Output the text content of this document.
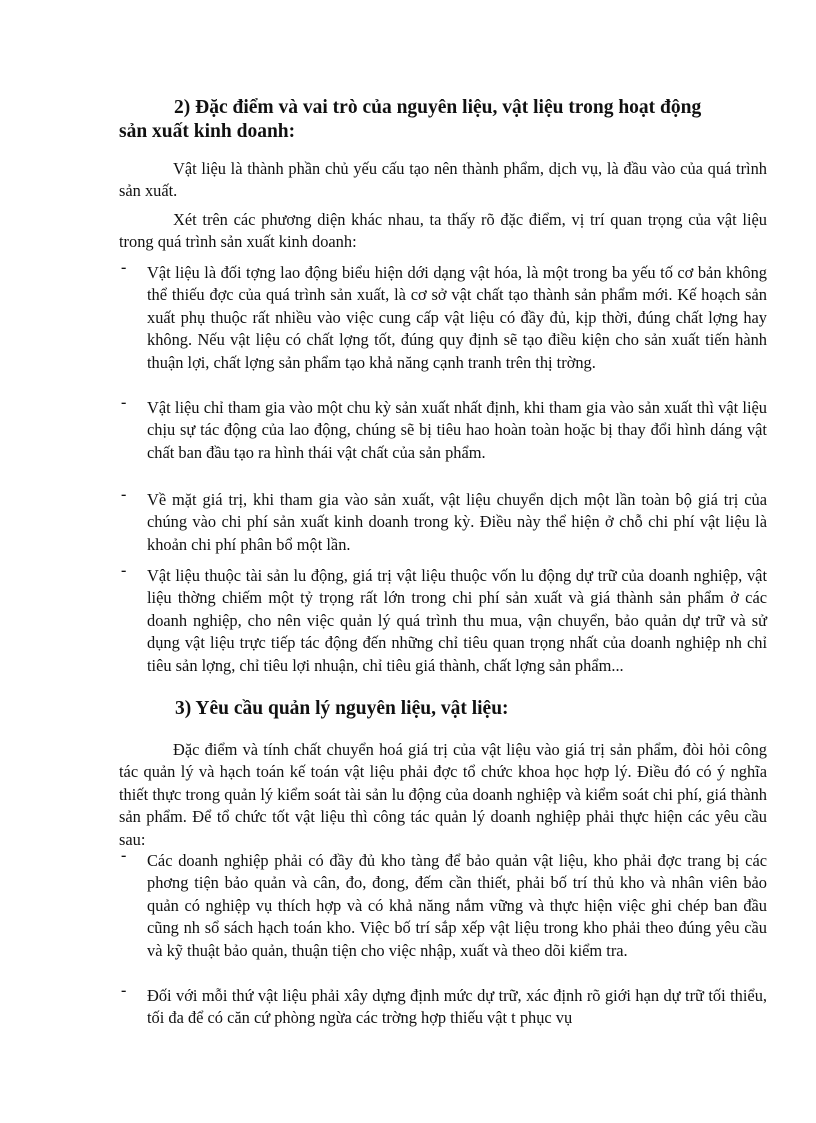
2) Đặc điểm và vai trò của nguyên liệu, vật liệu trong hoạt động
sản xuất kinh doanh:

Vật liệu là thành phần chủ yếu cấu tạo nên thành phẩm, dịch vụ, là đầu vào của quá trình sản xuất.

Xét trên các phương diện khác nhau, ta thấy rõ đặc điểm, vị trí quan trọng của vật liệu trong quá trình sản xuất kinh doanh:

- Vật liệu là đối tợng lao động biểu hiện dới dạng vật hóa, là một trong ba yếu tố cơ bản không thể thiếu đợc của quá trình sản xuất, là cơ sở vật chất tạo thành sản phẩm mới. Kế hoạch sản xuất phụ thuộc rất nhiều vào việc cung cấp vật liệu có đầy đủ, kịp thời, đúng chất lợng hay không. Nếu vật liệu có chất lợng tốt, đúng quy định sẽ tạo điều kiện cho sản xuất tiến hành thuận lợi, chất lợng sản phẩm tạo khả năng cạnh tranh trên thị trờng.

- Vật liệu chỉ tham gia vào một chu kỳ sản xuất nhất định, khi tham gia vào sản xuất thì vật liệu chịu sự tác động của lao động, chúng sẽ bị tiêu hao hoàn toàn hoặc bị thay đổi hình dáng vật chất ban đầu tạo ra hình thái vật chất của sản phẩm.

- Về mặt giá trị, khi tham gia vào sản xuất, vật liệu chuyển dịch một lần toàn bộ giá trị của chúng vào chi phí sản xuất kinh doanh trong kỳ. Điều này thể hiện ở chỗ chi phí vật liệu là khoản chi phí phân bổ một lần.

- Vật liệu thuộc tài sản lu động, giá trị vật liệu thuộc vốn lu động dự trữ của doanh nghiệp, vật liệu thờng chiếm một tỷ trọng rất lớn trong chi phí sản xuất và giá thành sản phẩm ở các doanh nghiệp, cho nên việc quản lý quá trình thu mua, vận chuyển, bảo quản dự trữ và sử dụng vật liệu trực tiếp tác động đến những chỉ tiêu quan trọng nhất của doanh nghiệp nh chỉ tiêu sản lợng, chỉ tiêu lợi nhuận, chỉ tiêu giá thành, chất lợng sản phẩm...

3) Yêu cầu quản lý nguyên liệu, vật liệu:

Đặc điểm và tính chất chuyển hoá giá trị của vật liệu vào giá trị sản phẩm, đòi hỏi công tác quản lý và hạch toán kế toán vật liệu phải đợc tổ chức khoa học hợp lý. Điều đó có ý nghĩa thiết thực trong quản lý kiểm soát tài sản lu động của doanh nghiệp và kiểm soát chi phí, giá thành sản phẩm. Để tổ chức tốt vật liệu thì công tác quản lý doanh nghiệp phải thực hiện các yêu cầu sau:

- Các doanh nghiệp phải có đầy đủ kho tàng để bảo quản vật liệu, kho phải đợc trang bị các phơng tiện bảo quản và cân, đo, đong, đếm cần thiết, phải bố trí thủ kho và nhân viên bảo quản có nghiệp vụ thích hợp và có khả năng nắm vững và thực hiện việc ghi chép ban đầu cũng nh sổ sách hạch toán kho. Việc bố trí sắp xếp vật liệu trong kho phải theo đúng yêu cầu và kỹ thuật bảo quản, thuận tiện cho việc nhập, xuất và theo dõi kiểm tra.

- Đối với mỗi thứ vật liệu phải xây dựng định mức dự trữ, xác định rõ giới hạn dự trữ tối thiểu, tối đa để có căn cứ phòng ngừa các trờng hợp thiếu vật t phục vụ
